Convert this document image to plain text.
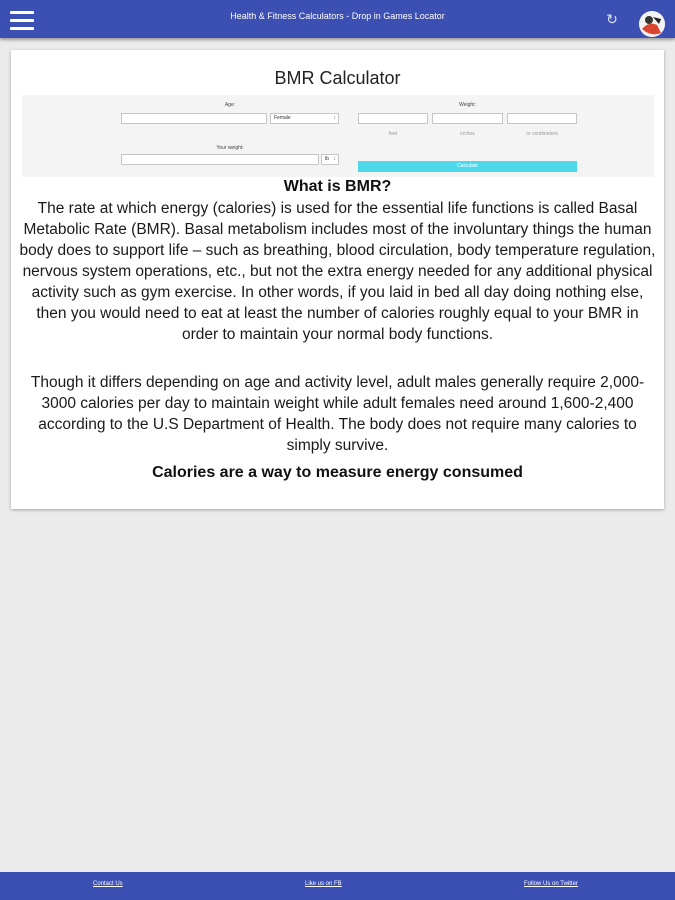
Health & Fitness Calculators - Drop in Games Locator	↻
BMR Calculator
Age:
Female	↕
Weight:
feet	inches	or centimeters
Your weight:
lb ↕
Calculate
What is BMR?

The rate at which energy (calories) is used for the essential life functions is called Basal Metabolic Rate (BMR). Basal metabolism includes most of the involuntary things the human body does to support life – such as breathing, blood circulation, body temperature regulation, nervous system operations, etc., but not the extra energy needed for any additional physical activity such as gym exercise. In other words, if you laid in bed all day doing nothing else, then you would need to eat at least the number of calories roughly equal to your BMR in order to maintain your normal body functions.

Though it differs depending on age and activity level, adult males generally require 2,000-3000 calories per day to maintain weight while adult females need around 1,600-2,400 according to the U.S Department of Health. The body does not require many calories to simply survive.

Calories are a way to measure energy consumed
Contact Us	Like us on FB	Follow Us on Twitter
